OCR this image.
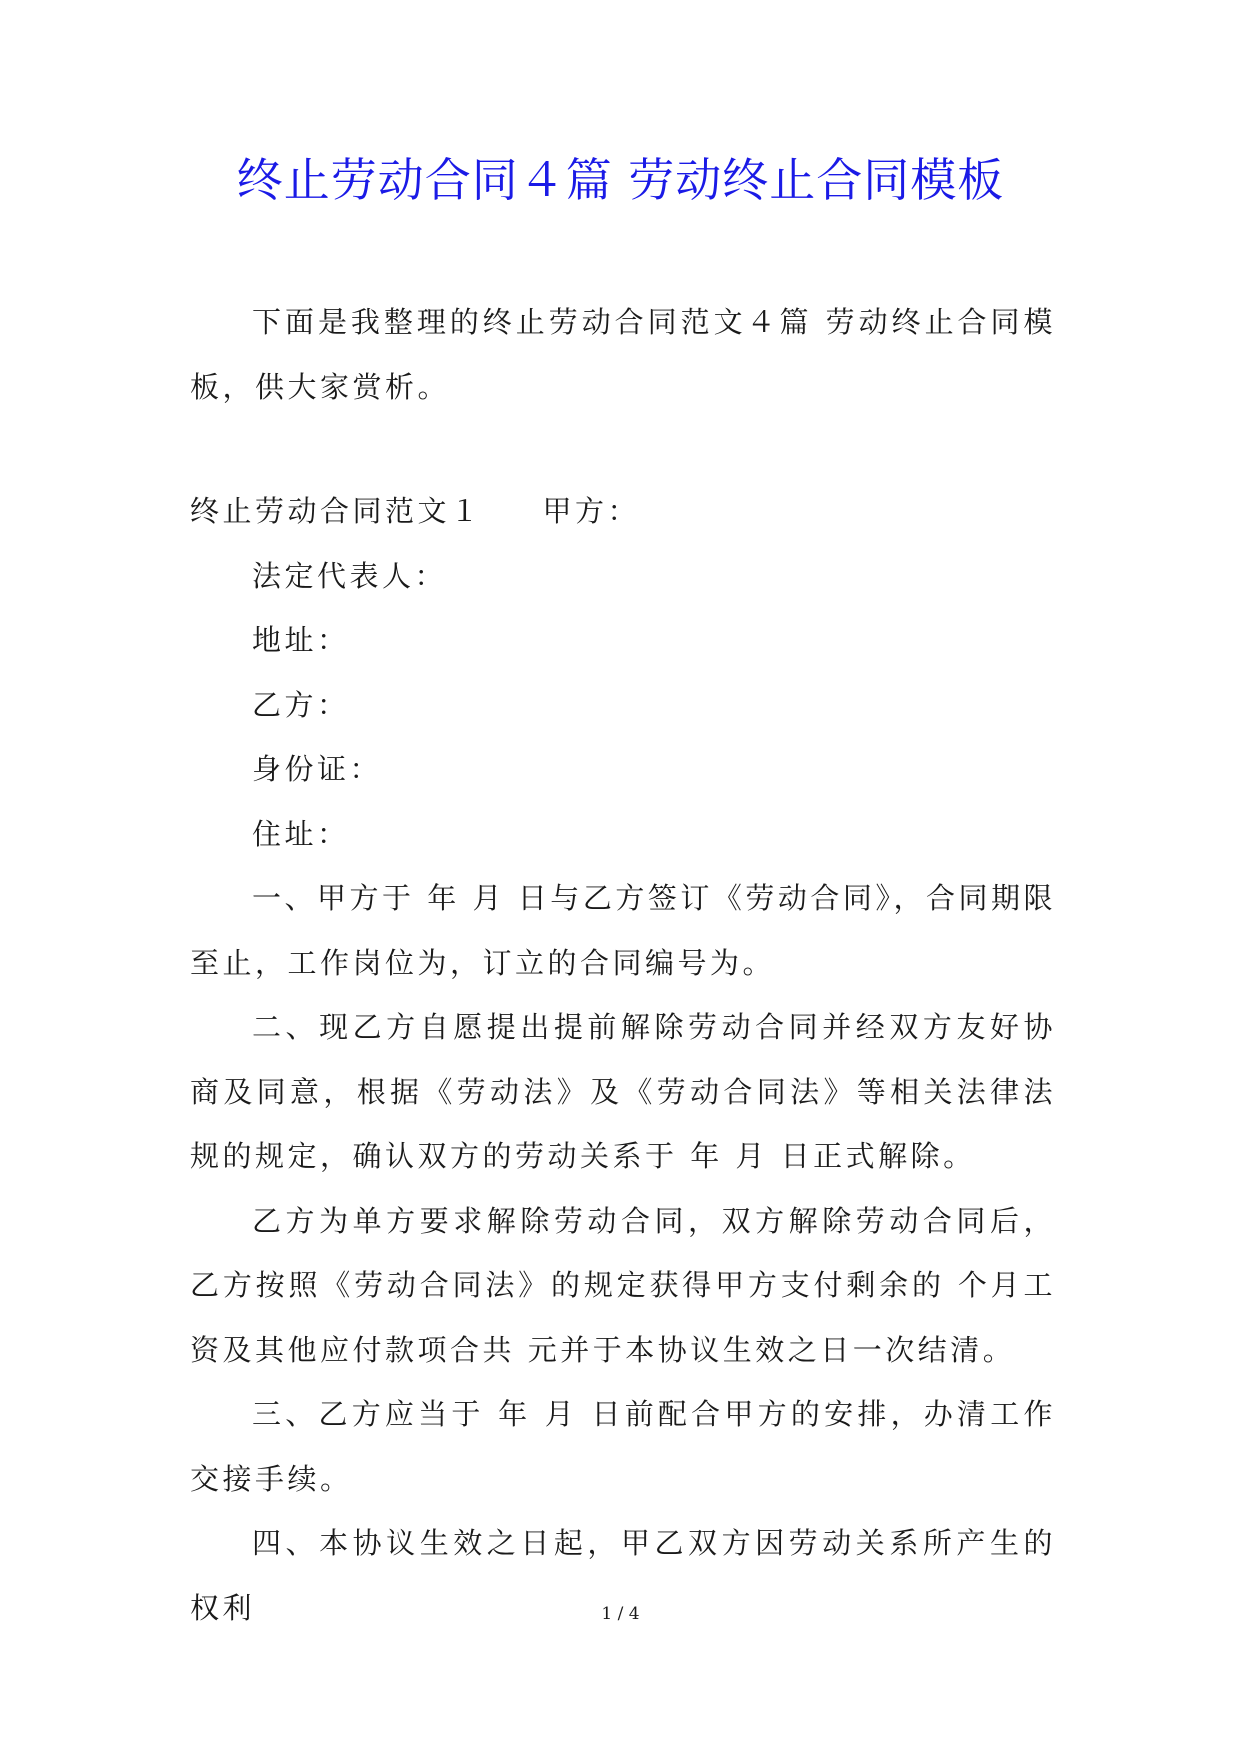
终止劳动合同４篇 劳动终止合同模板

下面是我整理的终止劳动合同范文４篇 劳动终止合同模板，供大家赏析。

终止劳动合同范文１ 甲方：

法定代表人：

地址：

乙方：

身份证：

住址：

一、甲方于 年 月 日与乙方签订《劳动合同》，合同期限至止，工作岗位为，订立的合同编号为。

二、现乙方自愿提出提前解除劳动合同并经双方友好协商及同意，根据《劳动法》及《劳动合同法》等相关法律法规的规定，确认双方的劳动关系于 年 月 日正式解除。

乙方为单方要求解除劳动合同，双方解除劳动合同后，乙方按照《劳动合同法》的规定获得甲方支付剩余的 个月工资及其他应付款项合共 元并于本协议生效之日一次结清。

三、乙方应当于 年 月 日前配合甲方的安排，办清工作交接手续。

四、本协议生效之日起，甲乙双方因劳动关系所产生的权利	1 / 4
